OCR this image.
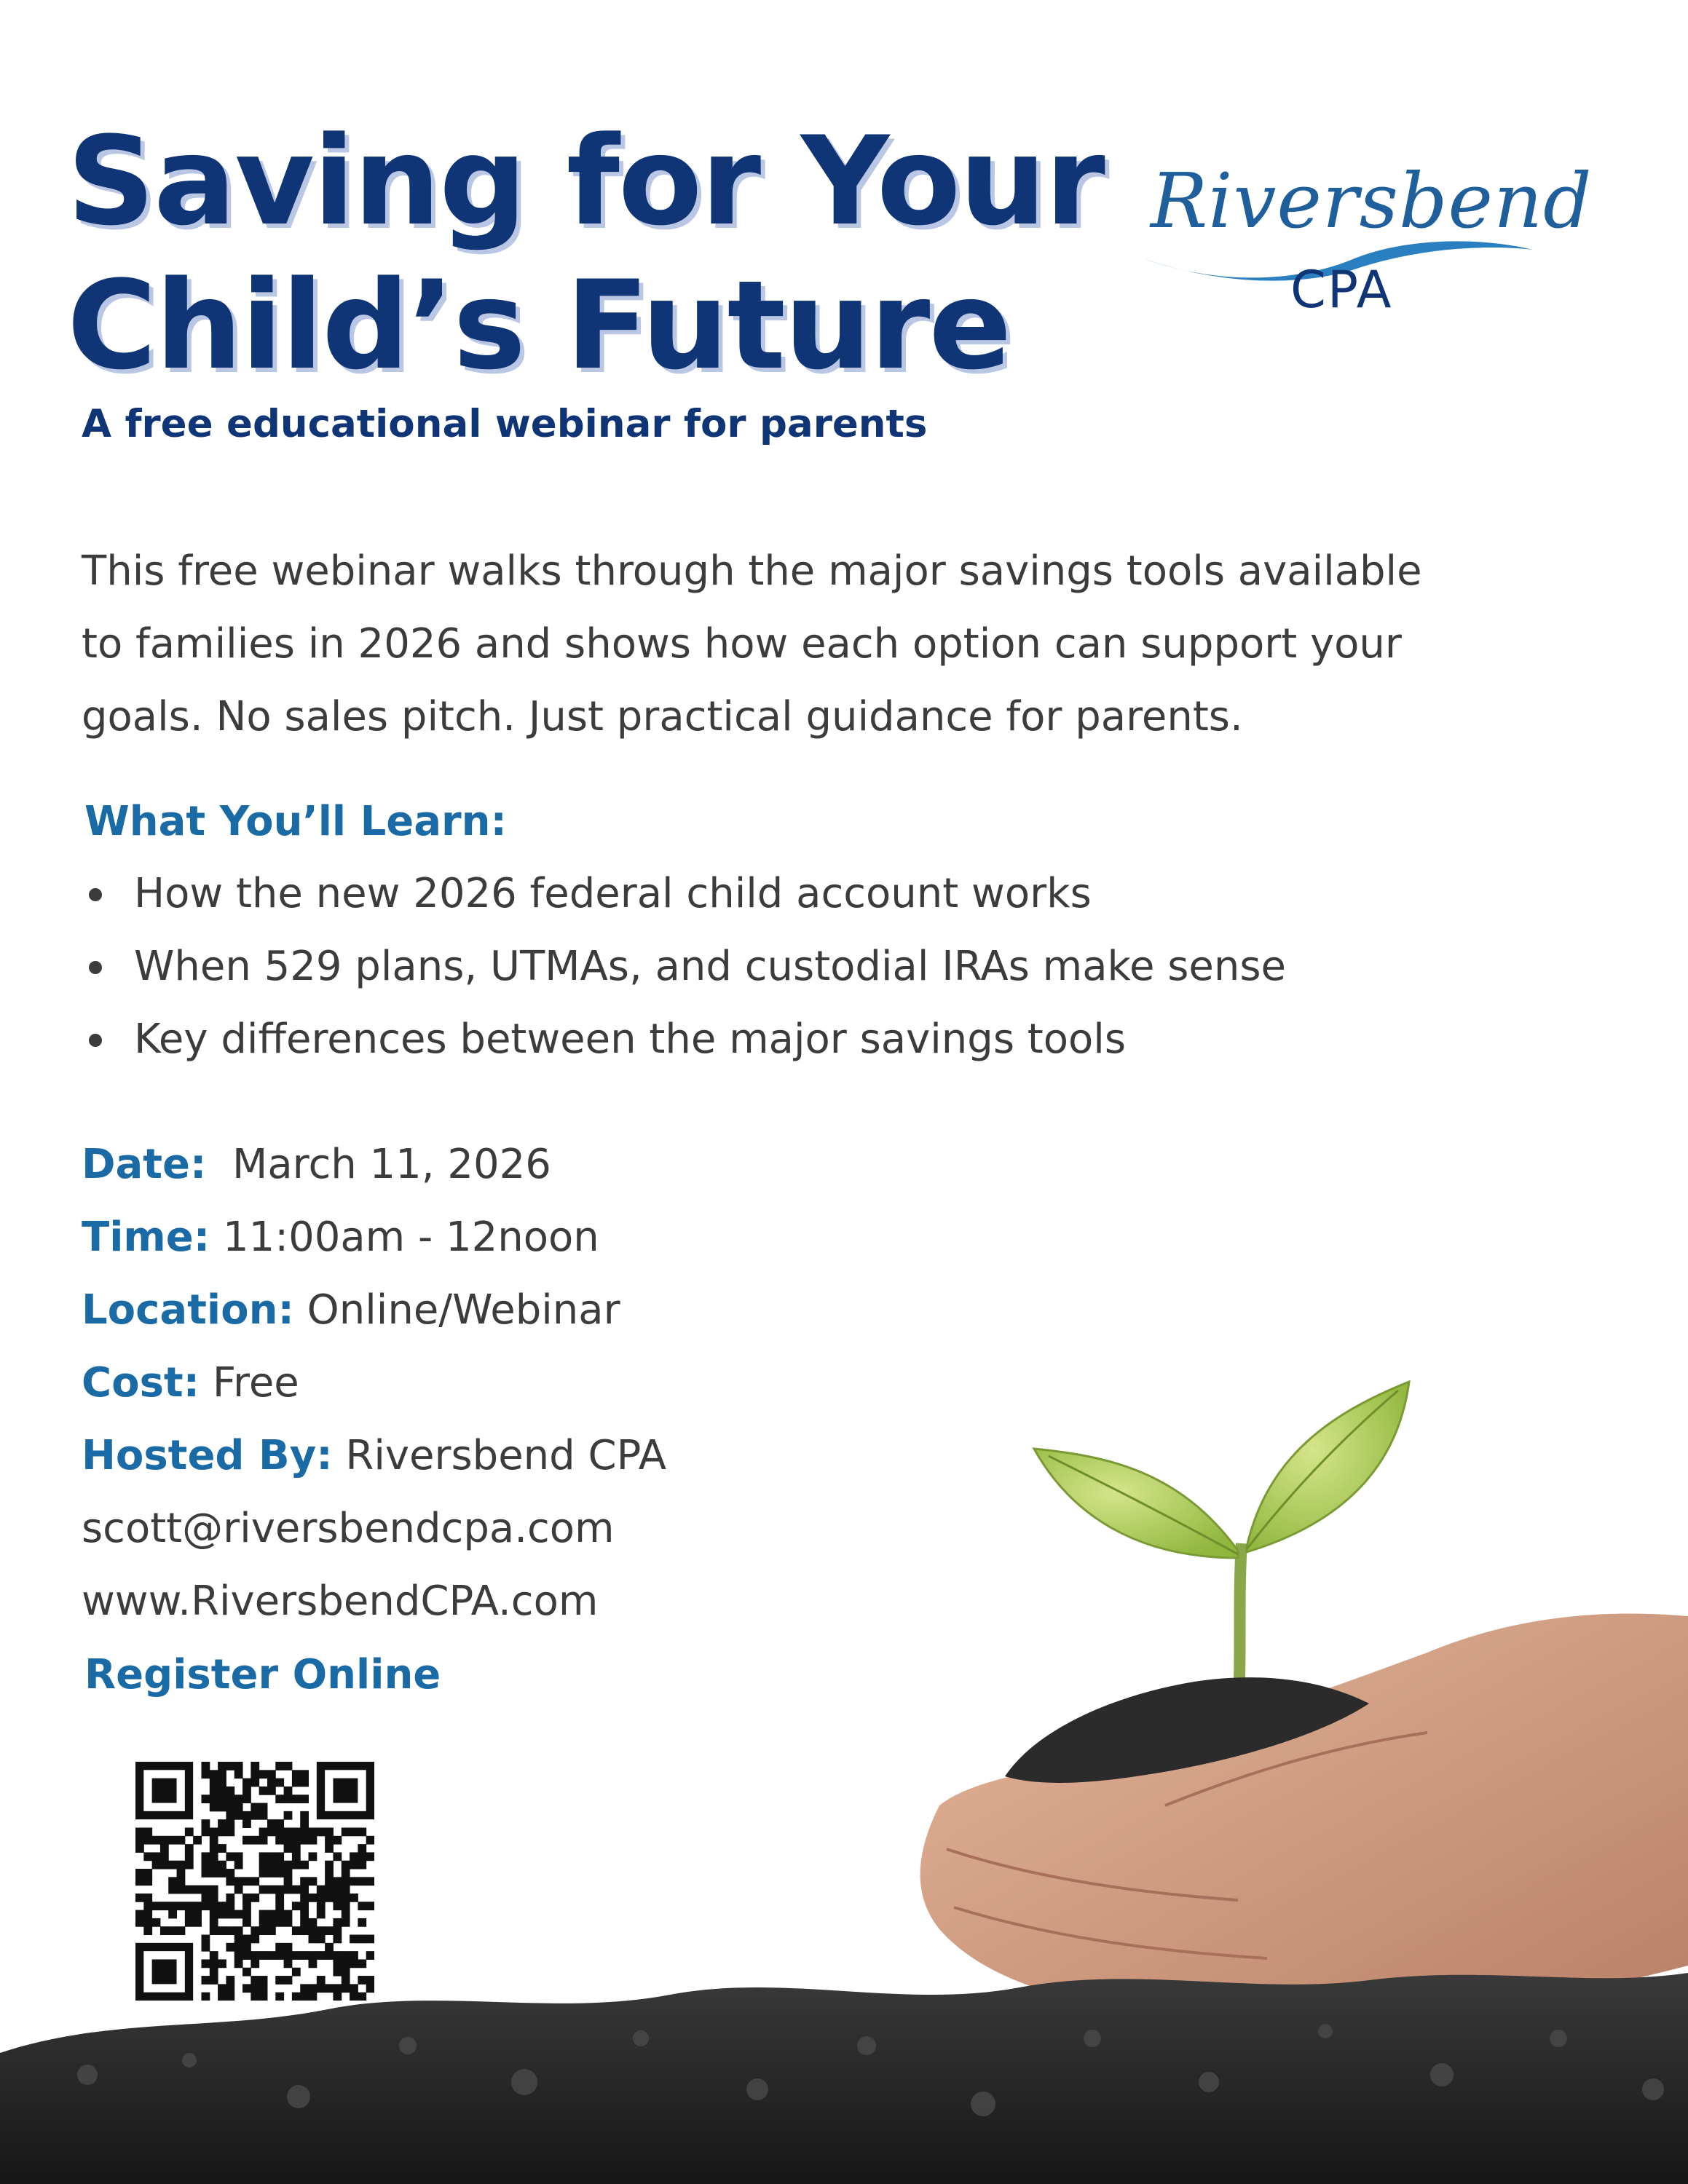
Saving for Your
Child’s Future
Riversbend
CPA
A free educational webinar for parents
This free webinar walks through the major savings tools available
to families in 2026 and shows how each option can support your
goals. No sales pitch. Just practical guidance for parents.
What You’ll Learn:
How the new 2026 federal child account works
When 529 plans, UTMAs, and custodial IRAs make sense
Key differences between the major savings tools
Date: March 11, 2026
Time: 11:00am - 12noon
Location: Online/Webinar
Cost: Free
Hosted By: Riversbend CPA
scott@riversbendcpa.com
www.RiversbendCPA.com
Register Online
